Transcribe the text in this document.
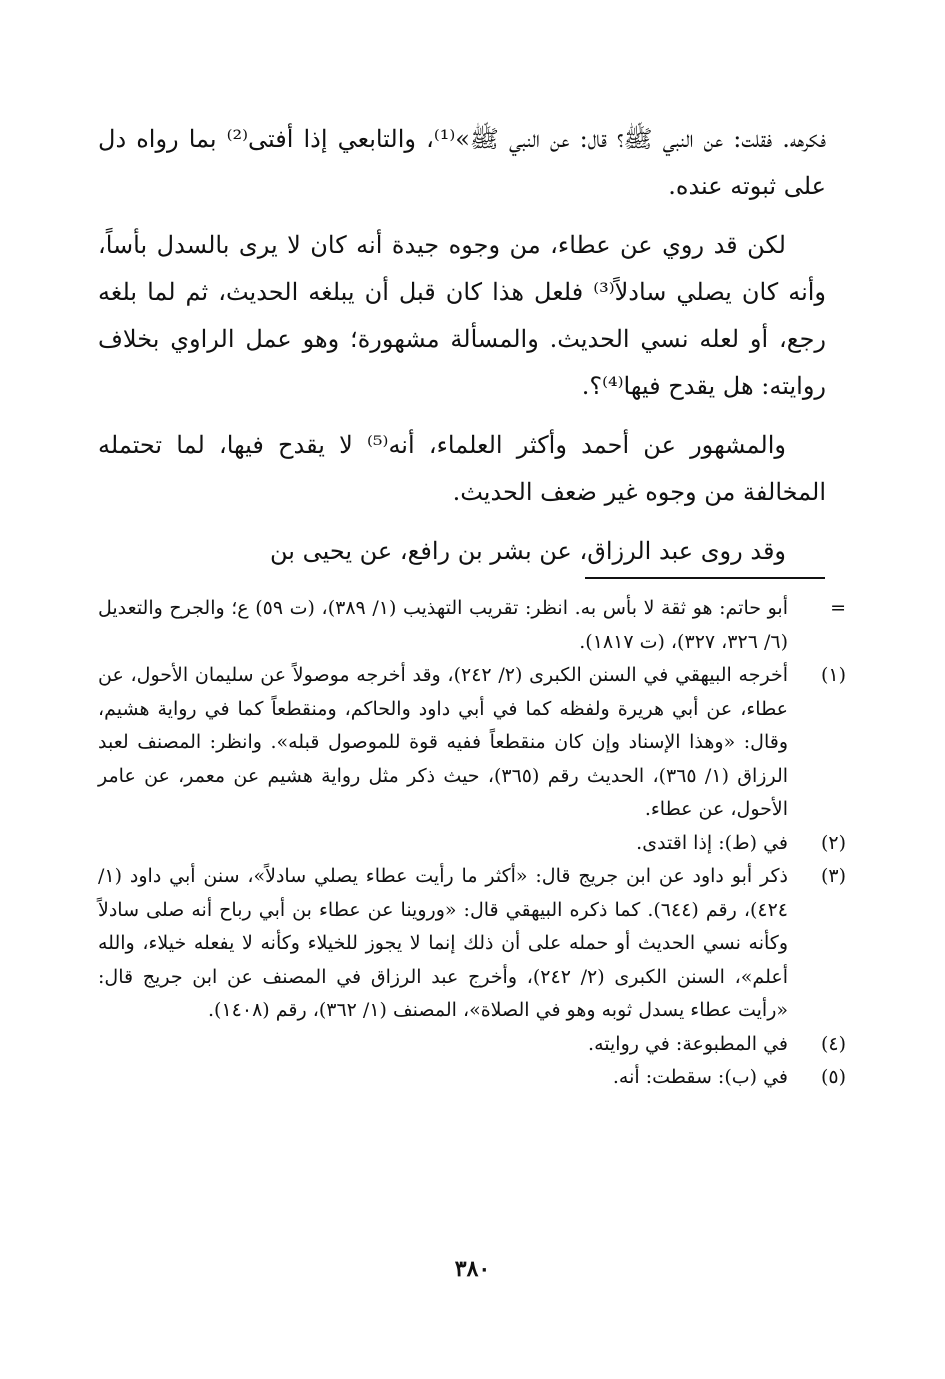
فكرهه. فقلت: عن النبي ﷺ؟ قال: عن النبي ﷺ»⁽¹⁾، والتابعي إذا أفتى⁽²⁾ بما رواه دل على ثبوته عنده.

لكن قد روي عن عطاء، من وجوه جيدة أنه كان لا يرى بالسدل بأساً، وأنه كان يصلي سادلاً⁽³⁾ فلعل هذا كان قبل أن يبلغه الحديث، ثم لما بلغه رجع، أو لعله نسي الحديث. والمسألة مشهورة؛ وهو عمل الراوي بخلاف روايته: هل يقدح فيها⁽⁴⁾؟.

والمشهور عن أحمد وأكثر العلماء، أنه⁽⁵⁾ لا يقدح فيها، لما تحتمله المخالفة من وجوه غير ضعف الحديث.

وقد روى عبد الرزاق، عن بشر بن رافع، عن يحيى بن

=
أبو حاتم: هو ثقة لا بأس به. انظر: تقريب التهذيب (١/ ٣٨٩)، (ت ٥٩) ع؛ والجرح والتعديل (٦/ ٣٢٦، ٣٢٧)، (ت ١٨١٧).
(١)
أخرجه البيهقي في السنن الكبرى (٢/ ٢٤٢)، وقد أخرجه موصولاً عن سليمان الأحول، عن عطاء، عن أبي هريرة ولفظه كما في أبي داود والحاكم، ومنقطعاً كما في رواية هشيم، وقال: «وهذا الإسناد وإن كان منقطعاً ففيه قوة للموصول قبله». وانظر: المصنف لعبد الرزاق (١/ ٣٦٥)، الحديث رقم (٣٦٥)، حيث ذكر مثل رواية هشيم عن معمر، عن عامر الأحول، عن عطاء.
(٢)
في (ط): إذا اقتدى.
(٣)
ذكر أبو داود عن ابن جريج قال: «أكثر ما رأيت عطاء يصلي سادلاً»، سنن أبي داود (١/ ٤٢٤)، رقم (٦٤٤). كما ذكره البيهقي قال: «وروينا عن عطاء بن أبي رباح أنه صلى سادلاً وكأنه نسي الحديث أو حمله على أن ذلك إنما لا يجوز للخيلاء وكأنه لا يفعله خيلاء، والله أعلم»، السنن الكبرى (٢/ ٢٤٢)، وأخرج عبد الرزاق في المصنف عن ابن جريج قال: «رأيت عطاء يسدل ثوبه وهو في الصلاة»، المصنف (١/ ٣٦٢)، رقم (١٤٠٨).
(٤)
في المطبوعة: في روايته.
(٥)
في (ب): سقطت: أنه.
٣٨٠
